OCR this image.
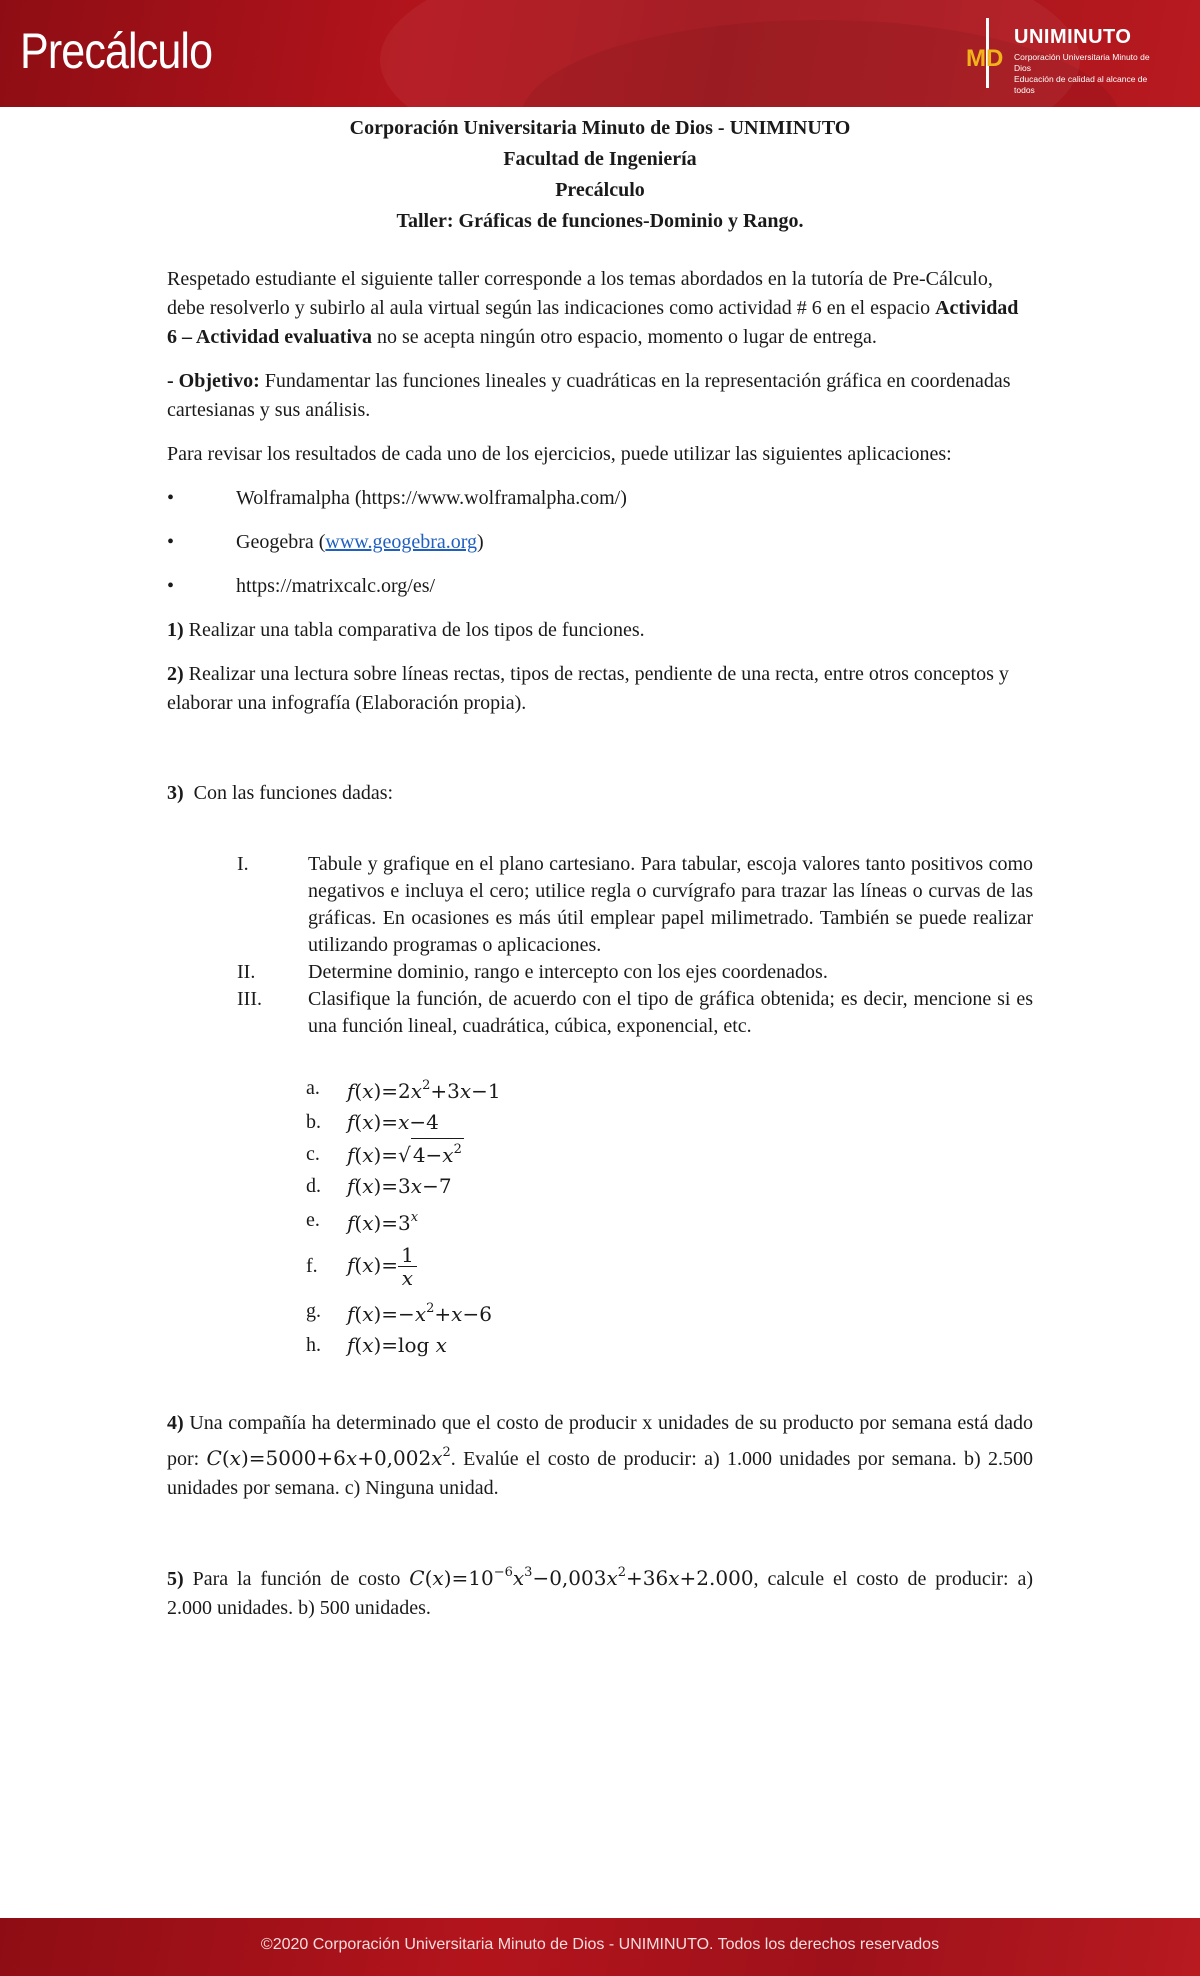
Precálculo	MD
UNIMINUTO
Corporación Universitaria Minuto de Dios
Educación de calidad al alcance de todos
Corporación Universitaria Minuto de Dios - UNIMINUTO
Facultad de Ingeniería
Precálculo
Taller: Gráficas de funciones-Dominio y Rango.

Respetado estudiante el siguiente taller corresponde a los temas abordados en la tutoría de Pre-Cálculo, debe resolverlo y subirlo al aula virtual según las indicaciones como actividad # 6 en el espacio Actividad 6 – Actividad evaluativa no se acepta ningún otro espacio, momento o lugar de entrega.

- Objetivo: Fundamentar las funciones lineales y cuadráticas en la representación gráfica en coordenadas cartesianas y sus análisis.

Para revisar los resultados de cada uno de los ejercicios, puede utilizar las siguientes aplicaciones:

•	Wolframalpha (https://www.wolframalpha.com/)
•	Geogebra (www.geogebra.org)
•	https://matrixcalc.org/es/

1) Realizar una tabla comparativa de los tipos de funciones.

2) Realizar una lectura sobre líneas rectas, tipos de rectas, pendiente de una recta, entre otros conceptos y elaborar una infografía (Elaboración propia).

3) Con las funciones dadas:

I.	Tabule y grafique en el plano cartesiano. Para tabular, escoja valores tanto positivos como negativos e incluya el cero; utilice regla o curvígrafo para trazar las líneas o curvas de las gráficas. En ocasiones es más útil emplear papel milimetrado. También se puede realizar utilizando programas o aplicaciones.
II.	Determine dominio, rango e intercepto con los ejes coordenados.
III.	Clasifique la función, de acuerdo con el tipo de gráfica obtenida; es decir, mencione si es una función lineal, cuadrática, cúbica, exponencial, etc.
a.	$f(x)=2x^2+3x-1$
b.	f(x)=x−4
c.	f(x)=√ $4-x^2$
d.	f(x)=3x−7
e.	$f(x)=3^x$
f.	$f(x)= \frac{1}{x}$
g.	$f(x)=-x^2+x-6$
h.	f(x)=log x

4) Una compañía ha determinado que el costo de producir x unidades de su producto por semana está dado por: $C(x)=5000+6x+0,002x^2$. Evalúe el costo de producir: a) 1.000 unidades por semana. b) 2.500 unidades por semana. c) Ninguna unidad.

5) Para la función de costo $C(x)=10^{-6}x^3-0,003x^2+36x+2.000$, calcule el costo de producir: a) 2.000 unidades. b) 500 unidades.

©2020 Corporación Universitaria Minuto de Dios - UNIMINUTO. Todos los derechos reservados
